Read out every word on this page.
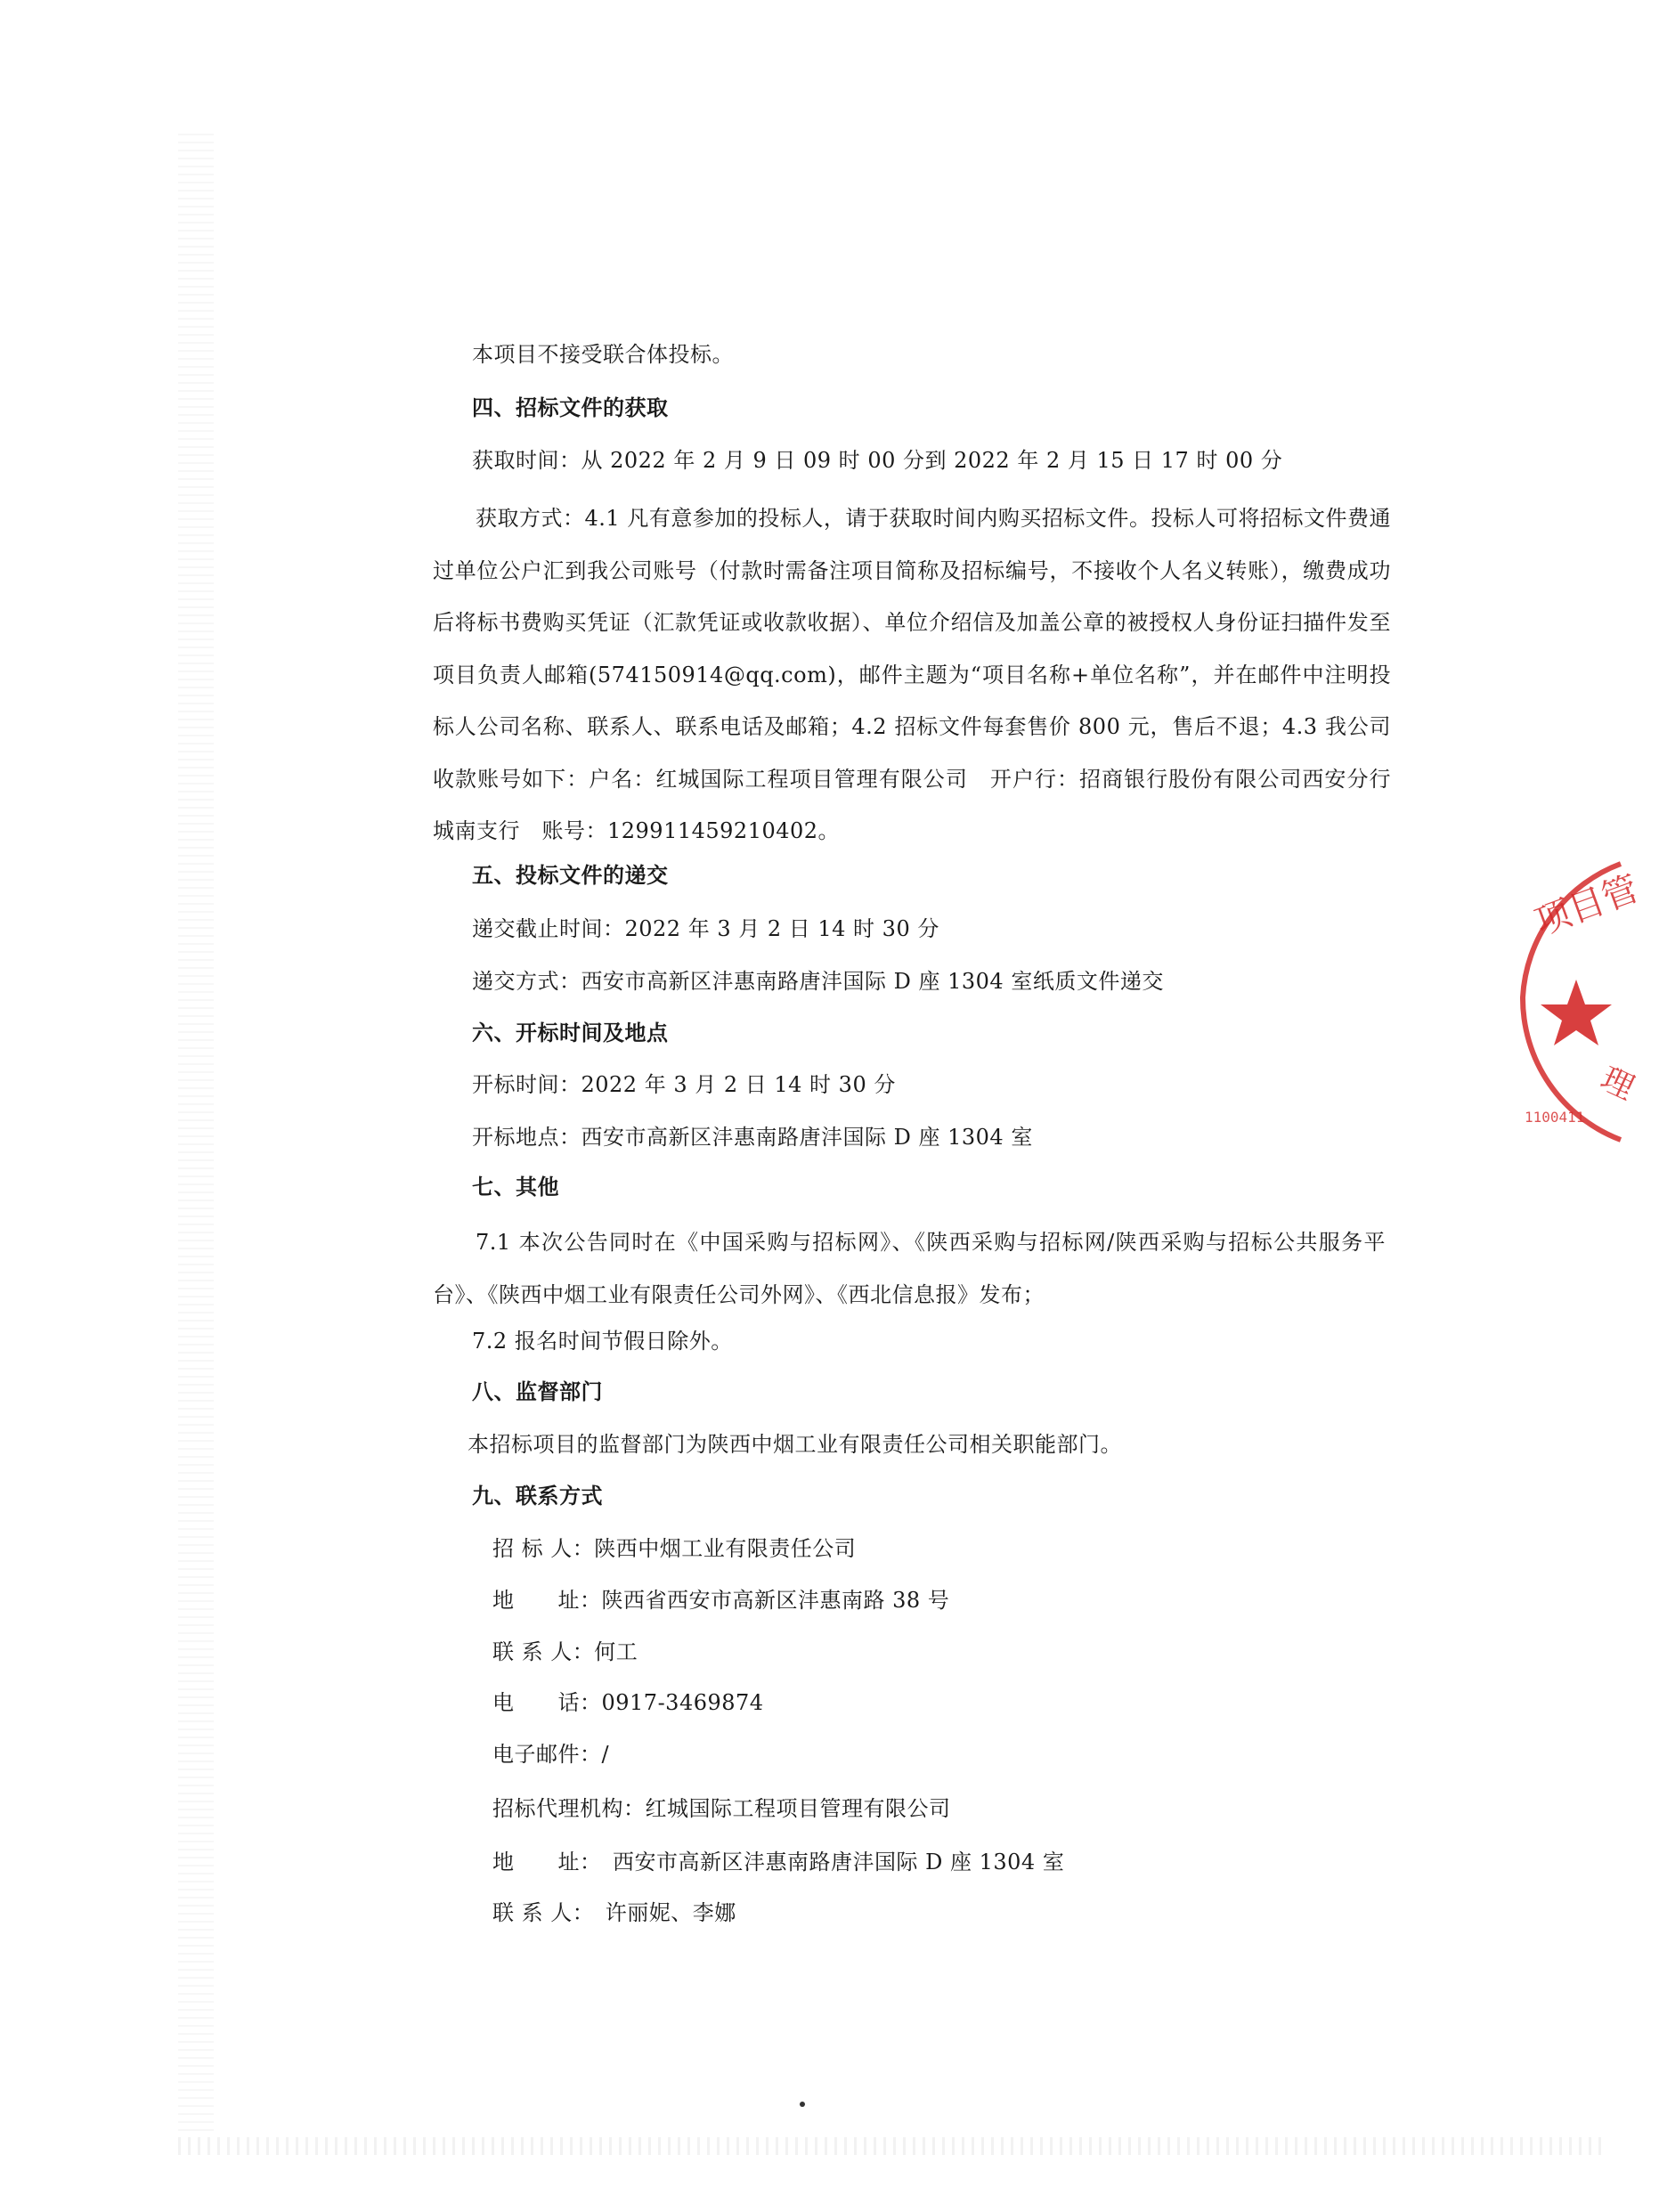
本项目不接受联合体投标。
四、招标文件的获取
获取时间：从 2022 年 2 月 9 日 09 时 00 分到 2022 年 2 月 15 日 17 时 00 分
获取方式：4.1 凡有意参加的投标人，请于获取时间内购买招标文件。投标人可将招标文件费通过单位公户汇到我公司账号（付款时需备注项目简称及招标编号，不接收个人名义转账），缴费成功后将标书费购买凭证（汇款凭证或收款收据）、单位介绍信及加盖公章的被授权人身份证扫描件发至项目负责人邮箱(574150914@qq.com)，邮件主题为“项目名称+单位名称”，并在邮件中注明投标人公司名称、联系人、联系电话及邮箱；4.2 招标文件每套售价 800 元，售后不退；4.3 我公司收款账号如下：户名：红城国际工程项目管理有限公司　开户行：招商银行股份有限公司西安分行城南支行　账号：129911459210402。
五、投标文件的递交
递交截止时间：2022 年 3 月 2 日 14 时 30 分
递交方式：西安市高新区沣惠南路唐沣国际 D 座 1304 室纸质文件递交
六、开标时间及地点
开标时间：2022 年 3 月 2 日 14 时 30 分
开标地点：西安市高新区沣惠南路唐沣国际 D 座 1304 室
七、其他
7.1 本次公告同时在《中国采购与招标网》、《陕西采购与招标网/陕西采购与招标公共服务平台》、《陕西中烟工业有限责任公司外网》、《西北信息报》发布；
7.2 报名时间节假日除外。
八、监督部门
本招标项目的监督部门为陕西中烟工业有限责任公司相关职能部门。
九、联系方式
招 标 人：陕西中烟工业有限责任公司
地　　址：陕西省西安市高新区沣惠南路 38 号
联 系 人：何工
电　　话：0917-3469874
电子邮件：/
招标代理机构：红城国际工程项目管理有限公司
地　　址：　西安市高新区沣惠南路唐沣国际 D 座 1304 室
联 系 人：　许丽妮、李娜
项目管
理
1100411
